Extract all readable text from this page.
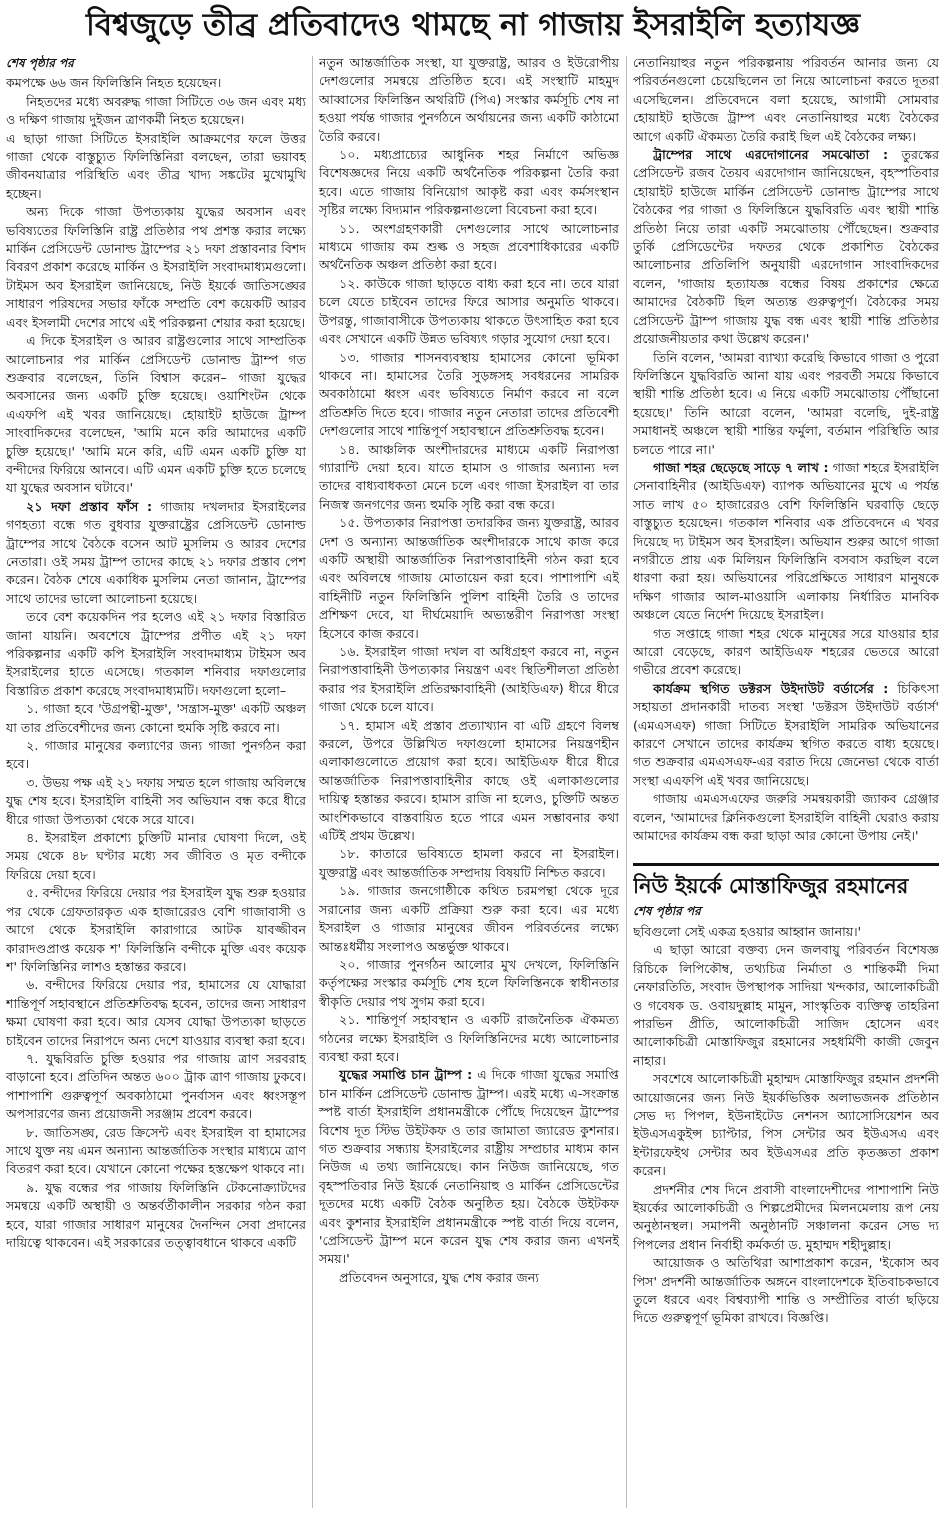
বিশ্বজুড়ে তীব্র প্রতিবাদেও থামছে না গাজায় ইসরাইলি হত্যাযজ্ঞ
শেষ পৃষ্ঠার পর

কমপক্ষে ৬৬ জন ফিলিস্তিনি নিহত হয়েছেন।

নিহতদের মধ্যে অবরুদ্ধ গাজা সিটিতে ৩৬ জন এবং মধ্য ও দক্ষিণ গাজায় দুইজন ত্রাণকর্মী নিহত হয়েছেন।

এ ছাড়া গাজা সিটিতে ইসরাইলি আক্রমণের ফলে উত্তর গাজা থেকে বাস্তুচ্যুত ফিলিস্তিনিরা বলছেন, তারা ভয়াবহ জীবনযাত্রার পরিস্থিতি এবং তীব্র খাদ্য সঙ্কটের মুখোমুখি হচ্ছেন।

অন্য দিকে গাজা উপত্যকায় যুদ্ধের অবসান এবং ভবিষ্যতের ফিলিস্তিনি রাষ্ট্র প্রতিষ্ঠার পথ প্রশস্ত করার লক্ষ্যে মার্কিন প্রেসিডেন্ট ডোনাল্ড ট্রাম্পের ২১ দফা প্রস্তাবনার বিশদ বিবরণ প্রকাশ করেছে মার্কিন ও ইসরাইলি সংবাদমাধ্যমগুলো। টাইমস অব ইসরাইল জানিয়েছে, নিউ ইয়র্কে জাতিসঙ্ঘের সাধারণ পরিষদের সভার ফাঁকে সম্প্রতি বেশ কয়েকটি আরব এবং ইসলামী দেশের সাথে এই পরিকল্পনা শেয়ার করা হয়েছে।

এ দিকে ইসরাইল ও আরব রাষ্ট্রগুলোর সাথে সাম্প্রতিক আলোচনার পর মার্কিন প্রেসিডেন্ট ডোনাল্ড ট্রাম্প গত শুক্রবার বলেছেন, তিনি বিশ্বাস করেন– গাজা যুদ্ধের অবসানের জন্য একটি চুক্তি হয়েছে। ওয়াশিংটন থেকে এএফপি এই খবর জানিয়েছে। হোয়াইট হাউজে ট্রাম্প সাংবাদিকদের বলেছেন, 'আমি মনে করি আমাদের একটি চুক্তি হয়েছে।' 'আমি মনে করি, এটি এমন একটি চুক্তি যা বন্দীদের ফিরিয়ে আনবে। এটি এমন একটি চুক্তি হতে চলেছে যা যুদ্ধের অবসান ঘটাবে।'

২১ দফা প্রস্তাব ফাঁস : গাজায় দখলদার ইসরাইলের গণহত্যা বন্ধে গত বুধবার যুক্তরাষ্ট্রের প্রেসিডেন্ট ডোনাল্ড ট্রাম্পের সাথে বৈঠকে বসেন আট মুসলিম ও আরব দেশের নেতারা। ওই সময় ট্রাম্প তাদের কাছে ২১ দফার প্রস্তাব পেশ করেন। বৈঠক শেষে একাধিক মুসলিম নেতা জানান, ট্রাম্পের সাথে তাদের ভালো আলোচনা হয়েছে।

তবে বেশ কয়েকদিন পর হলেও এই ২১ দফার বিস্তারিত জানা যায়নি। অবশেষে ট্রাম্পের প্রণীত এই ২১ দফা পরিকল্পনার একটি কপি ইসরাইলি সংবাদমাধ্যম টাইমস অব ইসরাইলের হাতে এসেছে। গতকাল শনিবার দফাগুলোর বিস্তারিত প্রকাশ করেছে সংবাদমাধ্যমটি। দফাগুলো হলো–

১. গাজা হবে 'উগ্রপন্থী-মুক্ত', 'সন্ত্রাস-মুক্ত' একটি অঞ্চল যা তার প্রতিবেশীদের জন্য কোনো হুমকি সৃষ্টি করবে না।

২. গাজার মানুষের কল্যাণের জন্য গাজা পুনর্গঠন করা হবে।

৩. উভয় পক্ষ এই ২১ দফায় সম্মত হলে গাজায় অবিলম্বে যুদ্ধ শেষ হবে। ইসরাইলি বাহিনী সব অভিযান বন্ধ করে ধীরে ধীরে গাজা উপত্যকা থেকে সরে যাবে।

৪. ইসরাইল প্রকাশ্যে চুক্তিটি মানার ঘোষণা দিলে, ওই সময় থেকে ৪৮ ঘণ্টার মধ্যে সব জীবিত ও মৃত বন্দীকে ফিরিয়ে দেয়া হবে।

৫. বন্দীদের ফিরিয়ে দেয়ার পর ইসরাইল যুদ্ধ শুরু হওয়ার পর থেকে গ্রেফতারকৃত এক হাজারেরও বেশি গাজাবাসী ও আগে থেকে ইসরাইলি কারাগারে আটক যাবজ্জীবন কারাদণ্ডপ্রাপ্ত কয়েক শ' ফিলিস্তিনি বন্দীকে মুক্তি এবং কয়েক শ' ফিলিস্তিনির লাশও হস্তান্তর করবে।

৬. বন্দীদের ফিরিয়ে দেয়ার পর, হামাসের যে যোদ্ধারা শান্তিপূর্ণ সহাবস্থানে প্রতিশ্রুতিবদ্ধ হবেন, তাদের জন্য সাধারণ ক্ষমা ঘোষণা করা হবে। আর যেসব যোদ্ধা উপত্যকা ছাড়তে চাইবেন তাদের নিরাপদে অন্য দেশে যাওয়ার ব্যবস্থা করা হবে।

৭. যুদ্ধবিরতি চুক্তি হওয়ার পর গাজায় ত্রাণ সরবরাহ বাড়ানো হবে। প্রতিদিন অন্তত ৬০০ ট্রাক ত্রাণ গাজায় ঢুকবে। পাশাপাশি গুরুত্বপূর্ণ অবকাঠামো পুনর্বাসন এবং ধ্বংসস্তূপ অপসারণের জন্য প্রয়োজনী সরঞ্জাম প্রবেশ করবে।

৮. জাতিসঙ্ঘ, রেড ক্রিসেন্ট এবং ইসরাইল বা হামাসের সাথে যুক্ত নয় এমন অন্যান্য আন্তর্জাতিক সংস্থার মাধ্যমে ত্রাণ বিতরণ করা হবে। যেখানে কোনো পক্ষের হস্তক্ষেপ থাকবে না।

৯. যুদ্ধ বন্ধের পর গাজায় ফিলিস্তিনি টেকনোক্র্যাটদের সমন্বয়ে একটি অস্থায়ী ও অন্তর্বর্তীকালীন সরকার গঠন করা হবে, যারা গাজার সাধারণ মানুষের দৈনন্দিন সেবা প্রদানের দায়িত্বে থাকবেন। এই সরকারের তত্ত্বাবধানে থাকবে একটি

নতুন আন্তর্জাতিক সংস্থা, যা যুক্তরাষ্ট্র, আরব ও ইউরোপীয় দেশগুলোর সমন্বয়ে প্রতিষ্ঠিত হবে। এই সংস্থাটি মাহমুদ আব্বাসের ফিলিস্তিন অথরিটি (পিএ) সংস্কার কর্মসূচি শেষ না হওয়া পর্যন্ত গাজার পুনর্গঠনে অর্থায়নের জন্য একটি কাঠামো তৈরি করবে।

১০. মধ্যপ্রাচ্যের আধুনিক শহর নির্মাণে অভিজ্ঞ বিশেষজ্ঞদের নিয়ে একটি অর্থনৈতিক পরিকল্পনা তৈরি করা হবে। এতে গাজায় বিনিয়োগ আকৃষ্ট করা এবং কর্মসংস্থান সৃষ্টির লক্ষ্যে বিদ্যমান পরিকল্পনাগুলো বিবেচনা করা হবে।

১১. অংশগ্রহণকারী দেশগুলোর সাথে আলোচনার মাধ্যমে গাজায় কম শুল্ক ও সহজ প্রবেশাধিকারের একটি অর্থনৈতিক অঞ্চল প্রতিষ্ঠা করা হবে।

১২. কাউকে গাজা ছাড়তে বাধ্য করা হবে না। তবে যারা চলে যেতে চাইবেন তাদের ফিরে আসার অনুমতি থাকবে। উপরন্তু, গাজাবাসীকে উপত্যকায় থাকতে উৎসাহিত করা হবে এবং সেখানে একটি উন্নত ভবিষ্যৎ গড়ার সুযোগ দেয়া হবে।

১৩. গাজার শাসনব্যবস্থায় হামাসের কোনো ভূমিকা থাকবে না। হামাসের তৈরি সুড়ঙ্গসহ সবধরনের সামরিক অবকাঠামো ধ্বংস এবং ভবিষ্যতে নির্মাণ করবে না বলে প্রতিশ্রুতি দিতে হবে। গাজার নতুন নেতারা তাদের প্রতিবেশী দেশগুলোর সাথে শান্তিপূর্ণ সহাবস্থানে প্রতিশ্রুতিবদ্ধ হবেন।

১৪. আঞ্চলিক অংশীদারদের মাধ্যমে একটি নিরাপত্তা গ্যারান্টি দেয়া হবে। যাতে হামাস ও গাজার অন্যান্য দল তাদের বাধ্যবাধকতা মেনে চলে এবং গাজা ইসরাইল বা তার নিজস্ব জনগণের জন্য হুমকি সৃষ্টি করা বন্ধ করে।

১৫. উপত্যকার নিরাপত্তা তদারকির জন্য যুক্তরাষ্ট্র, আরব দেশ ও অন্যান্য আন্তর্জাতিক অংশীদারকে সাথে কাজ করে একটি অস্থায়ী আন্তর্জাতিক নিরাপত্তাবাহিনী গঠন করা হবে এবং অবিলম্বে গাজায় মোতায়েন করা হবে। পাশাপাশি এই বাহিনীটি নতুন ফিলিস্তিনি পুলিশ বাহিনী তৈরি ও তাদের প্রশিক্ষণ দেবে, যা দীর্ঘমেয়াদি অভ্যন্তরীণ নিরাপত্তা সংস্থা হিসেবে কাজ করবে।

১৬. ইসরাইল গাজা দখল বা অধিগ্রহণ করবে না, নতুন নিরাপত্তাবাহিনী উপত্যকার নিয়ন্ত্রণ এবং স্থিতিশীলতা প্রতিষ্ঠা করার পর ইসরাইলি প্রতিরক্ষাবাহিনী (আইডিএফ) ধীরে ধীরে গাজা থেকে চলে যাবে।

১৭. হামাস এই প্রস্তাব প্রত্যাখ্যান বা এটি গ্রহণে বিলম্ব করলে, উপরে উল্লিখিত দফাগুলো হামাসের নিয়ন্ত্রণহীন এলাকাগুলোতে প্রয়োগ করা হবে। আইডিএফ ধীরে ধীরে আন্তর্জাতিক নিরাপত্তাবাহিনীর কাছে ওই এলাকাগুলোর দায়িত্ব হস্তান্তর করবে। হামাস রাজি না হলেও, চুক্তিটি অন্তত আংশিকভাবে বাস্তবায়িত হতে পারে এমন সম্ভাবনার কথা এটিই প্রথম উল্লেখ।

১৮. কাতারে ভবিষ্যতে হামলা করবে না ইসরাইল। যুক্তরাষ্ট্র এবং আন্তর্জাতিক সম্প্রদায় বিষয়টি নিশ্চিত করবে।

১৯. গাজার জনগোষ্ঠীকে কথিত চরমপন্থা থেকে দূরে সরানোর জন্য একটি প্রক্রিয়া শুরু করা হবে। এর মধ্যে ইসরাইল ও গাজার মানুষের জীবন পরিবর্তনের লক্ষ্যে আন্তঃধর্মীয় সংলাপও অন্তর্ভুক্ত থাকবে।

২০. গাজার পুনর্গঠন আলোর মুখ দেখলে, ফিলিস্তিনি কর্তৃপক্ষের সংস্কার কর্মসূচি শেষ হলে ফিলিস্তিনকে স্বাধীনতার স্বীকৃতি দেয়ার পথ সুগম করা হবে।

২১. শান্তিপূর্ণ সহাবস্থান ও একটি রাজনৈতিক ঐকমত্য গঠনের লক্ষ্যে ইসরাইলি ও ফিলিস্তিনিদের মধ্যে আলোচনার ব্যবস্থা করা হবে।

যুদ্ধের সমাপ্তি চান ট্রাম্প : এ দিকে গাজা যুদ্ধের সমাপ্তি চান মার্কিন প্রেসিডেন্ট ডোনাল্ড ট্রাম্প। এরই মধ্যে এ-সংক্রান্ত স্পষ্ট বার্তা ইসরাইলি প্রধানমন্ত্রীকে পৌঁছে দিয়েছেন ট্রাম্পের বিশেষ দূত স্টিভ উইটকফ ও তার জামাতা জ্যারেড কুশনার। গত শুক্রবার সন্ধ্যায় ইসরাইলের রাষ্ট্রীয় সম্প্রচার মাধ্যম কান নিউজ এ তথ্য জানিয়েছে। কান নিউজ জানিয়েছে, গত বৃহস্পতিবার নিউ ইয়র্কে নেতানিয়াহু ও মার্কিন প্রেসিডেন্টের দূতদের মধ্যে একটি বৈঠক অনুষ্ঠিত হয়। বৈঠকে উইটকফ এবং কুশনার ইসরাইলি প্রধানমন্ত্রীকে স্পষ্ট বার্তা দিয়ে বলেন, 'প্রেসিডেন্ট ট্রাম্প মনে করেন যুদ্ধ শেষ করার জন্য এখনই সময়।'

প্রতিবেদন অনুসারে, যুদ্ধ শেষ করার জন্য

নেতানিয়াহুর নতুন পরিকল্পনায় পরিবর্তন আনার জন্য যে পরিবর্তনগুলো চেয়েছিলেন তা নিয়ে আলোচনা করতে দূতরা এসেছিলেন। প্রতিবেদনে বলা হয়েছে, আগামী সোমবার হোয়াইট হাউজে ট্রাম্প এবং নেতানিয়াহুর মধ্যে বৈঠকের আগে একটি ঐকমত্য তৈরি করাই ছিল এই বৈঠকের লক্ষ্য।

ট্রাম্পের সাথে এরদোগানের সমঝোতা : তুরস্কের প্রেসিডেন্ট রজব তৈয়ব এরদোগান জানিয়েছেন, বৃহস্পতিবার হোয়াইট হাউজে মার্কিন প্রেসিডেন্ট ডোনাল্ড ট্রাম্পের সাথে বৈঠকের পর গাজা ও ফিলিস্তিনে যুদ্ধবিরতি এবং স্থায়ী শান্তি প্রতিষ্ঠা নিয়ে তারা একটি সমঝোতায় পৌঁছেছেন। শুক্রবার তুর্কি প্রেসিডেন্টের দফতর থেকে প্রকাশিত বৈঠকের আলোচনার প্রতিলিপি অনুযায়ী এরদোগান সাংবাদিকদের বলেন, 'গাজায় হত্যাযজ্ঞ বন্ধের বিষয় প্রকাশের ক্ষেত্রে আমাদের বৈঠকটি ছিল অত্যন্ত গুরুত্বপূর্ণ। বৈঠকের সময় প্রেসিডেন্ট ট্রাম্প গাজায় যুদ্ধ বন্ধ এবং স্থায়ী শান্তি প্রতিষ্ঠার প্রয়োজনীয়তার কথা উল্লেখ করেন।'

তিনি বলেন, 'আমরা ব্যাখ্যা করেছি কিভাবে গাজা ও পুরো ফিলিস্তিনে যুদ্ধবিরতি আনা যায় এবং পরবর্তী সময়ে কিভাবে স্থায়ী শান্তি প্রতিষ্ঠা হবে। এ নিয়ে একটি সমঝোতায় পৌঁছানো হয়েছে।' তিনি আরো বলেন, 'আমরা বলেছি, দুই-রাষ্ট্র সমাধানই অঞ্চলে স্থায়ী শান্তির ফর্মুলা, বর্তমান পরিস্থিতি আর চলতে পারে না।'

গাজা শহর ছেড়েছে সাড়ে ৭ লাখ : গাজা শহরে ইসরাইলি সেনাবাহিনীর (আইডিএফ) ব্যাপক অভিযানের মুখে এ পর্যন্ত সাত লাখ ৫০ হাজারেরও বেশি ফিলিস্তিনি ঘরবাড়ি ছেড়ে বাস্তুচ্যুত হয়েছেন। গতকাল শনিবার এক প্রতিবেদনে এ খবর দিয়েছে দ্য টাইমস অব ইসরাইল। অভিযান শুরুর আগে গাজা নগরীতে প্রায় এক মিলিয়ন ফিলিস্তিনি বসবাস করছিল বলে ধারণা করা হয়। অভিযানের পরিপ্রেক্ষিতে সাধারণ মানুষকে দক্ষিণ গাজার আল-মাওয়াসি এলাকায় নির্ধারিত মানবিক অঞ্চলে যেতে নির্দেশ দিয়েছে ইসরাইল।

গত সপ্তাহে গাজা শহর থেকে মানুষের সরে যাওয়ার হার আরো বেড়েছে, কারণ আইডিএফ শহরের ভেতরে আরো গভীরে প্রবেশ করেছে।

কার্যক্রম স্থগিত ডক্টরস উইদাউট বর্ডার্সের : চিকিৎসা সহায়তা প্রদানকারী দাতব্য সংস্থা 'ডক্টরস উইদাউট বর্ডার্স' (এমএসএফ) গাজা সিটিতে ইসরাইলি সামরিক অভিযানের কারণে সেখানে তাদের কার্যক্রম স্থগিত করতে বাধ্য হয়েছে। গত শুক্রবার এমএসএফ-এর বরাত দিয়ে জেনেভা থেকে বার্তা সংস্থা এএফপি এই খবর জানিয়েছে।

গাজায় এমএসএফের জরুরি সমন্বয়কারী জ্যাকব গ্রেঞ্জার বলেন, 'আমাদের ক্লিনিকগুলো ইসরাইলি বাহিনী ঘেরাও করায় আমাদের কার্যক্রম বন্ধ করা ছাড়া আর কোনো উপায় নেই।'

নিউ ইয়র্কে মোস্তাফিজুর রহমানের
শেষ পৃষ্ঠার পর

ছবিগুলো সেই একত্র হওয়ার আহ্বান জানায়।'

এ ছাড়া আরো বক্তব্য দেন জলবায়ু পরিবর্তন বিশেষজ্ঞ রিচিকে লিপিকৌম্ব, তথ্যচিত্র নির্মাতা ও শান্তিকর্মী দিমা নেফারতিতি, সংবাদ উপস্থাপক সাদিয়া খন্দকার, আলোকচিত্রী ও গবেষক ড. ওবায়দুল্লাহ মামুন, সাংস্কৃতিক ব্যক্তিত্ব তাহরিনা পারভিন প্রীতি, আলোকচিত্রী সাজিদ হোসেন এবং আলোকচিত্রী মোস্তাফিজুর রহমানের সহধর্মিণী কাজী জেবুন নাহার।

সবশেষে আলোকচিত্রী মুহাম্মদ মোস্তাফিজুর রহমান প্রদর্শনী আয়োজনের জন্য নিউ ইয়র্কভিত্তিক অলাভজনক প্রতিষ্ঠান সেভ দ্য পিপল, ইউনাইটেড নেশনস অ্যাসোসিয়েশন অব ইউএসএকুইন্স চ্যাপ্টার, পিস সেন্টার অব ইউএসএ এবং ইন্টারফেইথ সেন্টার অব ইউএসএর প্রতি কৃতজ্ঞতা প্রকাশ করেন।

প্রদর্শনীর শেষ দিনে প্রবাসী বাংলাদেশীদের পাশাপাশি নিউ ইয়র্কের আলোকচিত্রী ও শিল্পপ্রেমীদের মিলনমেলায় রূপ নেয় অনুষ্ঠানস্থল। সমাপনী অনুষ্ঠানটি সঞ্চালনা করেন সেভ দ্য পিপলের প্রধান নির্বাহী কর্মকর্তা ড. মুহাম্মদ শহীদুল্লাহ।

আয়োজক ও অতিথিরা আশাপ্রকাশ করেন, 'ইকোস অব পিস' প্রদর্শনী আন্তর্জাতিক অঙ্গনে বাংলাদেশকে ইতিবাচকভাবে তুলে ধরবে এবং বিশ্বব্যাপী শান্তি ও সম্প্রীতির বার্তা ছড়িয়ে দিতে গুরুত্বপূর্ণ ভূমিকা রাখবে। বিজ্ঞপ্তি।
